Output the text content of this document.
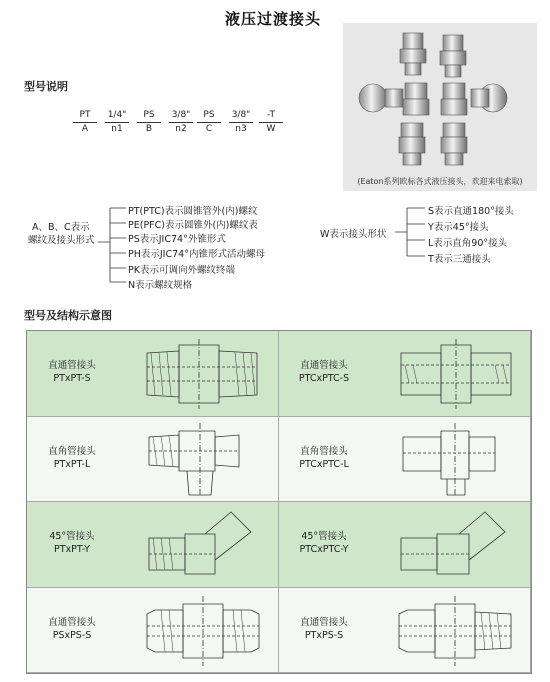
液压过渡接头
型号说明
PT
A
1/4"
n1
PS
B
3/8"
n2
PS
C
3/8"
n3
-T
W
(Eaton系列欧标各式液压接头，欢迎来电索取)
A、B、C表示
螺纹及接头形式
PT(PTC)表示圆锥管外(内)螺纹
PE(PFC)表示圆锥外(内)螺纹表
PS表示JIC74°外锥形式
PH表示JIC74°内锥形式活动螺母
PK表示可调向外螺纹终端
N表示螺纹规格
W表示接头形状
S表示直通180°接头
Y表示45°接头
L表示直角90°接头
T表示三通接头
型号及结构示意图
直通管接头
PTxPT-S
直通管接头
PTCxPTC-S
直角管接头
PTxPT-L
直角管接头
PTCxPTC-L
45°管接头
PTxPT-Y
45°管接头
PTCxPTC-Y
直通管接头
PSxPS-S
直通管接头
PTxPS-S
